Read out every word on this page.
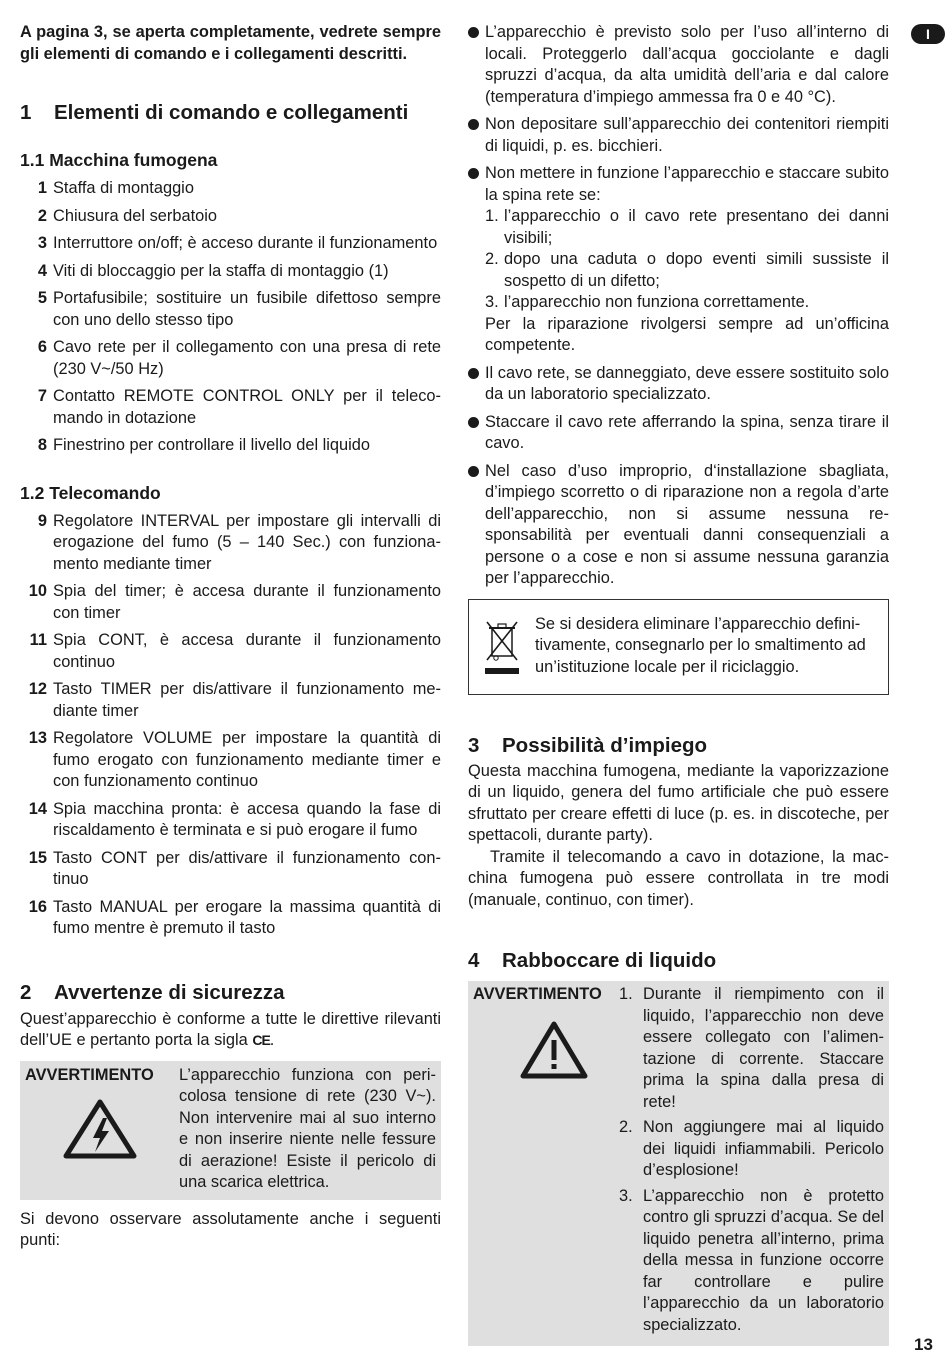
A pagina 3, se aperta completamente, vedrete sempre gli elementi di comando e i collegamenti descritti.

1	Elementi di comando e collegamenti
1.1 Macchina fumogena
1 Staffa di montaggio
2 Chiusura del serbatoio
3 Interruttore on/off; è acceso durante il funzionamento
4 Viti di bloccaggio per la staffa di montaggio (1)
5 Portafusibile; sostituire un fusibile difettoso sempre con uno dello stesso tipo
6 Cavo rete per il collegamento con una presa di rete (230 V~/50 Hz)
7 Contatto REMOTE CONTROL ONLY per il telecomando in dotazione
8 Finestrino per controllare il livello del liquido
1.2 Telecomando
9 Regolatore INTERVAL per impostare gli intervalli di erogazione del fumo (5 – 140 Sec.) con funzionamento mediante timer
10 Spia del timer; è accesa durante il funzionamento con timer
11 Spia CONT, è accesa durante il funzionamento continuo
12 Tasto TIMER per dis/attivare il funzionamento mediante timer
13 Regolatore VOLUME per impostare la quantità di fumo erogato con funzionamento mediante timer e con funzionamento continuo
14 Spia macchina pronta: è accesa quando la fase di riscaldamento è terminata e si può erogare il fumo
15 Tasto CONT per dis/attivare il funzionamento continuo
16 Tasto MANUAL per erogare la massima quantità di fumo mentre è premuto il tasto
2	Avvertenze di sicurezza

Quest’apparecchio è conforme a tutte le direttive rilevanti dell’UE e pertanto porta la sigla CE.

AVVERTIMENTO	L’apparecchio funziona con pericolosa tensione di rete (230 V~). Non intervenire mai al suo interno e non inserire niente nelle fessure di aerazione! Esiste il pericolo di una scarica elettrica.

Si devono osservare assolutamente anche i seguenti punti:

L’apparecchio è previsto solo per l’uso all’interno di locali. Proteggerlo dall’acqua gocciolante e dagli spruzzi d’acqua, da alta umidità dell’aria e dal calore (temperatura d’impiego ammessa fra 0 e 40 °C).
Non depositare sull’apparecchio dei contenitori riempiti di liquidi, p. es. bicchieri.
Non mettere in funzione l’apparecchio e staccare subito la spina rete se:
1. l’apparecchio o il cavo rete presentano dei danni visibili;
2. dopo una caduta o dopo eventi simili sussiste il sospetto di un difetto;
3. l’apparecchio non funziona correttamente.
Per la riparazione rivolgersi sempre ad un’officina competente.
Il cavo rete, se danneggiato, deve essere sostituito solo da un laboratorio specializzato.
Staccare il cavo rete afferrando la spina, senza tirare il cavo.
Nel caso d’uso improprio, d‘installazione sbagliata, d’impiego scorretto o di riparazione non a regola d’arte dell’apparecchio, non si assume nessuna responsabilità per eventuali danni consequenziali a persone o a cose e non si assume nessuna garanzia per l’apparecchio.
Se si desidera eliminare l’apparecchio definitivamente, consegnarlo per lo smaltimento ad un’istituzione locale per il riciclaggio.
3	Possibilità d’impiego

Questa macchina fumogena, mediante la vaporizzazione di un liquido, genera del fumo artificiale che può essere sfruttato per creare effetti di luce (p. es. in discoteche, per spettacoli, durante party).

Tramite il telecomando a cavo in dotazione, la macchina fumogena può essere controllata in tre modi (manuale, continuo, con timer).

4	Rabboccare di liquido
AVVERTIMENTO	1. Durante il riempimento con il liquido, l’apparecchio non deve essere collegato con l’alimentazione di corrente. Staccare prima la spina dalla presa di rete!
2. Non aggiungere mai al liquido dei liquidi infiammabili. Pericolo d’esplosione!
3. L’apparecchio non è protetto contro gli spruzzi d’acqua. Se del liquido penetra all’interno, prima della messa in funzione occorre far controllare e pulire l’apparecchio da un laboratorio specializzato.
I
13
